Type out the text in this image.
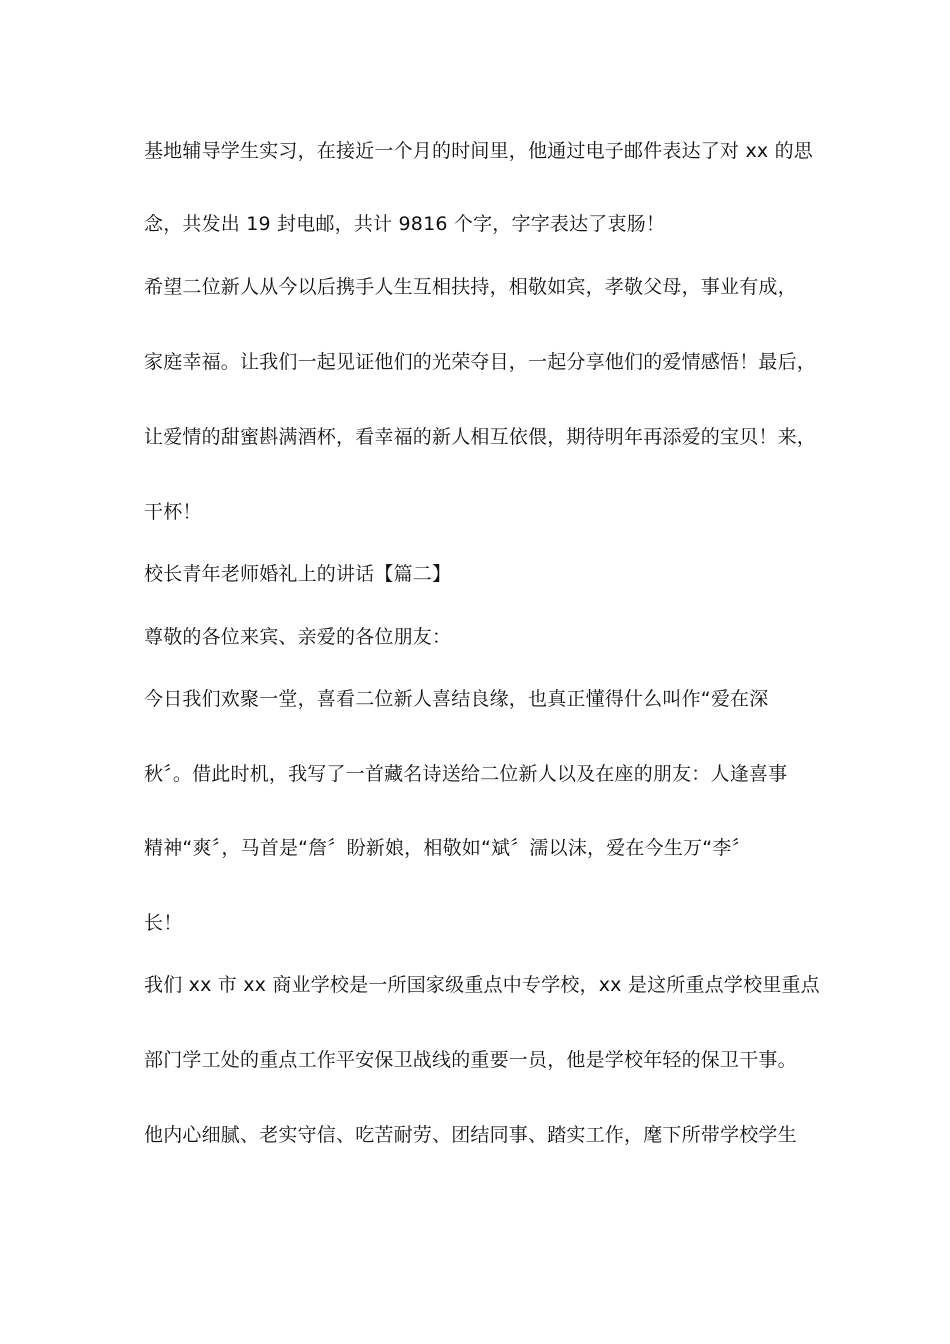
基地辅导学生实习，在接近一个月的时间里，他通过电子邮件表达了对 xx 的思
念，共发出 19 封电邮，共计 9816 个字，字字表达了衷肠！
希望二位新人从今以后携手人生互相扶持，相敬如宾，孝敬父母，事业有成，
家庭幸福。让我们一起见证他们的光荣夺目，一起分享他们的爱情感悟！最后，
让爱情的甜蜜斟满酒杯，看幸福的新人相互依偎，期待明年再添爱的宝贝！来，
干杯！
校长青年老师婚礼上的讲话【篇二】
尊敬的各位来宾、亲爱的各位朋友：
今日我们欢聚一堂，喜看二位新人喜结良缘，也真正懂得什么叫作“爱在深
秋〞。借此时机，我写了一首藏名诗送给二位新人以及在座的朋友：人逢喜事
精神“爽〞，马首是“詹〞盼新娘，相敬如“斌〞濡以沫，爱在今生万“李〞
长！
我们 xx 市 xx 商业学校是一所国家级重点中专学校，xx 是这所重点学校里重点
部门学工处的重点工作平安保卫战线的重要一员，他是学校年轻的保卫干事。
他内心细腻、老实守信、吃苦耐劳、团结同事、踏实工作，麾下所带学校学生
